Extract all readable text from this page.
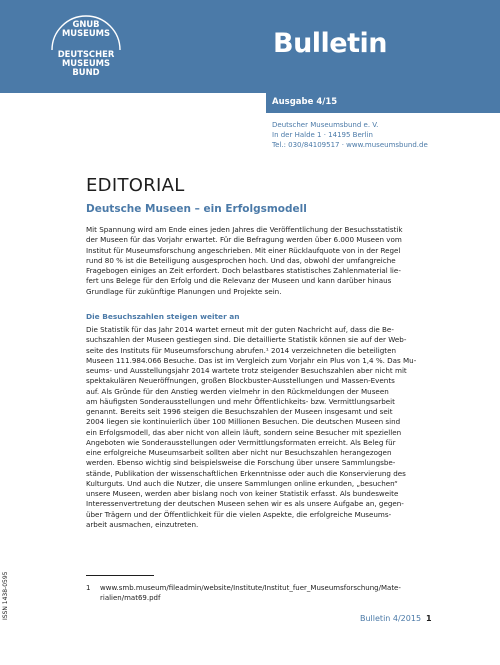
GNUB
MUSEUMS
DEUTSCHER
MUSEUMS
BUND
Bulletin
Ausgabe 4/15
Deutscher Museumsbund e. V.
In der Halde 1 · 14195 Berlin
Tel.: 030/84109517 · www.museumsbund.de
EDITORIAL
Deutsche Museen – ein Erfolgsmodell
Mit Spannung wird am Ende eines jeden Jahres die Veröffentlichung der Besuchsstatistik
der Museen für das Vorjahr erwartet. Für die Befragung werden über 6.000 Museen vom
Institut für Museumsforschung angeschrieben. Mit einer Rücklaufquote von in der Regel
rund 80 % ist die Beteiligung ausgesprochen hoch. Und das, obwohl der umfangreiche
Fragebogen einiges an Zeit erfordert. Doch belastbares statistisches Zahlenmaterial lie-
fert uns Belege für den Erfolg und die Relevanz der Museen und kann darüber hinaus
Grundlage für zukünftige Planungen und Projekte sein.
Die Besuchszahlen steigen weiter an
Die Statistik für das Jahr 2014 wartet erneut mit der guten Nachricht auf, dass die Be-
suchszahlen der Museen gestiegen sind. Die detaillierte Statistik können sie auf der Web-
seite des Instituts für Museumsforschung abrufen.¹ 2014 verzeichneten die beteiligten
Museen 111.984.066 Besuche. Das ist im Vergleich zum Vorjahr ein Plus von 1,4 %. Das Mu-
seums- und Ausstellungsjahr 2014 wartete trotz steigender Besuchszahlen aber nicht mit
spektakulären Neueröffnungen, großen Blockbuster-Ausstellungen und Massen-Events
auf. Als Gründe für den Anstieg werden vielmehr in den Rückmeldungen der Museen
am häufigsten Sonderausstellungen und mehr Öffentlichkeits- bzw. Vermittlungsarbeit
genannt. Bereits seit 1996 steigen die Besuchszahlen der Museen insgesamt und seit
2004 liegen sie kontinuierlich über 100 Millionen Besuchen. Die deutschen Museen sind
ein Erfolgsmodell, das aber nicht von allein läuft, sondern seine Besucher mit speziellen
Angeboten wie Sonderausstellungen oder Vermittlungsformaten erreicht. Als Beleg für
eine erfolgreiche Museumsarbeit sollten aber nicht nur Besuchszahlen herangezogen
werden. Ebenso wichtig sind beispielsweise die Forschung über unsere Sammlungsbe-
stände, Publikation der wissenschaftlichen Erkenntnisse oder auch die Konservierung des
Kulturguts. Und auch die Nutzer, die unsere Sammlungen online erkunden, „besuchen“
unsere Museen, werden aber bislang noch von keiner Statistik erfasst. Als bundesweite
Interessenvertretung der deutschen Museen sehen wir es als unsere Aufgabe an, gegen-
über Trägern und der Öffentlichkeit für die vielen Aspekte, die erfolgreiche Museums-
arbeit ausmachen, einzutreten.
1 www.smb.museum/fileadmin/website/Institute/Institut_fuer_Museumsforschung/Mate-
rialien/mat69.pdf
ISSN 1438-0595	Bulletin 4/2015 1
